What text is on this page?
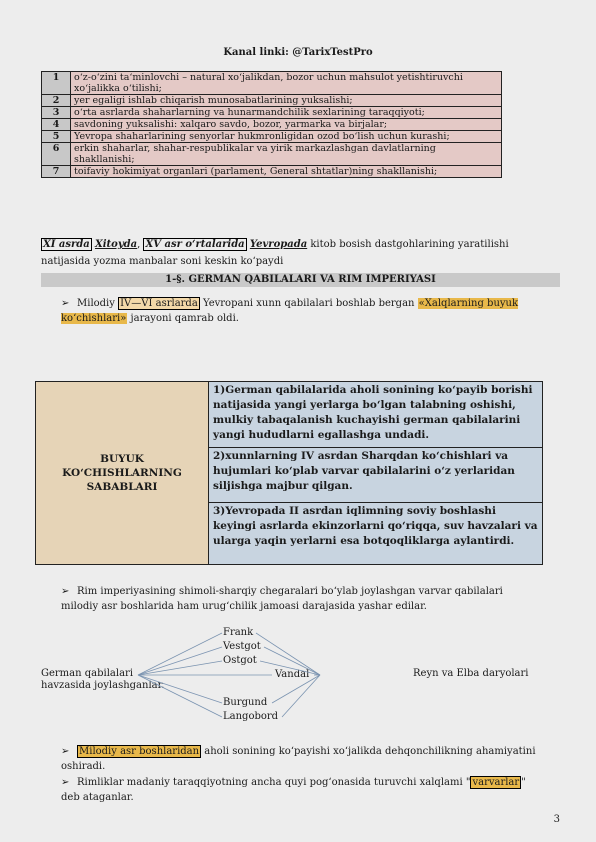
Kanal linki: @TarixTestPro
1	o‘z-o‘zini ta‘minlovchi – natural xo‘jalikdan, bozor uchun mahsulot yetishtiruvchi xo‘jalikka o‘tilishi;
2	yer egaligi ishlab chiqarish munosabatlarining yuksalishi;
3	o‘rta asrlarda shaharlarning va hunarmandchilik sexlarining taraqqiyoti;
4	savdoning yuksalishi: xalqaro savdo, bozor, yarmarka va birjalar;
5	Yevropa shaharlarining senyorlar hukmronligidan ozod bo‘lish uchun kurashi;
6	erkin shaharlar, shahar-respublikalar va yirik markazlashgan davlatlarning shakllanishi;
7	toifaviy hokimiyat organlari (parlament, General shtatlar)ning shakllanishi;
XI asrda Xitoyda, XV asr o‘rtalarida Yevropada kitob bosish dastgohlarining yaratilishi natijasida yozma manbalar soni keskin ko‘paydi
1-§. GERMAN QABILALARI VA RIM IMPERIYASI
➢ Milodiy IV—VI asrlarda Yevropani xunn qabilalari boshlab bergan «Xalqlarning buyuk ko‘chishlari» jarayoni qamrab oldi.
BUYUK KO‘CHISHLARNING SABABLARI
1)German qabilalarida aholi sonining ko‘payib borishi natijasida yangi yerlarga bo‘lgan talabning oshishi, mulkiy tabaqalanish kuchayishi german qabilalarini yangi hududlarni egallashga undadi.
2)xunnlarning IV asrdan Sharqdan ko‘chishlari va hujumlari ko‘plab varvar qabilalarini o‘z yerlaridan siljishga majbur qilgan.
3)Yevropada II asrdan iqlimning soviy boshlashi keyingi asrlarda ekinzorlarni qo‘riqqa, suv havzalari va ularga yaqin yerlarni esa botqoqliklarga aylantirdi.
➢ Rim imperiyasining shimoli-sharqiy chegaralari bo‘ylab joylashgan varvar qabilalari milodiy asr boshlarida ham urug‘chilik jamoasi darajasida yashar edilar.
German qabilalari havzasida joylashganlar.
Reyn va Elba daryolari
Frank
Vestgot
Ostgot
Vandal
Burgund
Langobord
➢ Milodiy asr boshlaridan aholi sonining ko‘payishi xo‘jalikda dehqonchilikning ahamiyatini oshiradi.
➢ Rimliklar madaniy taraqqiyotning ancha quyi pog‘onasida turuvchi xalqlami " varvarlar " deb ataganlar.
3
